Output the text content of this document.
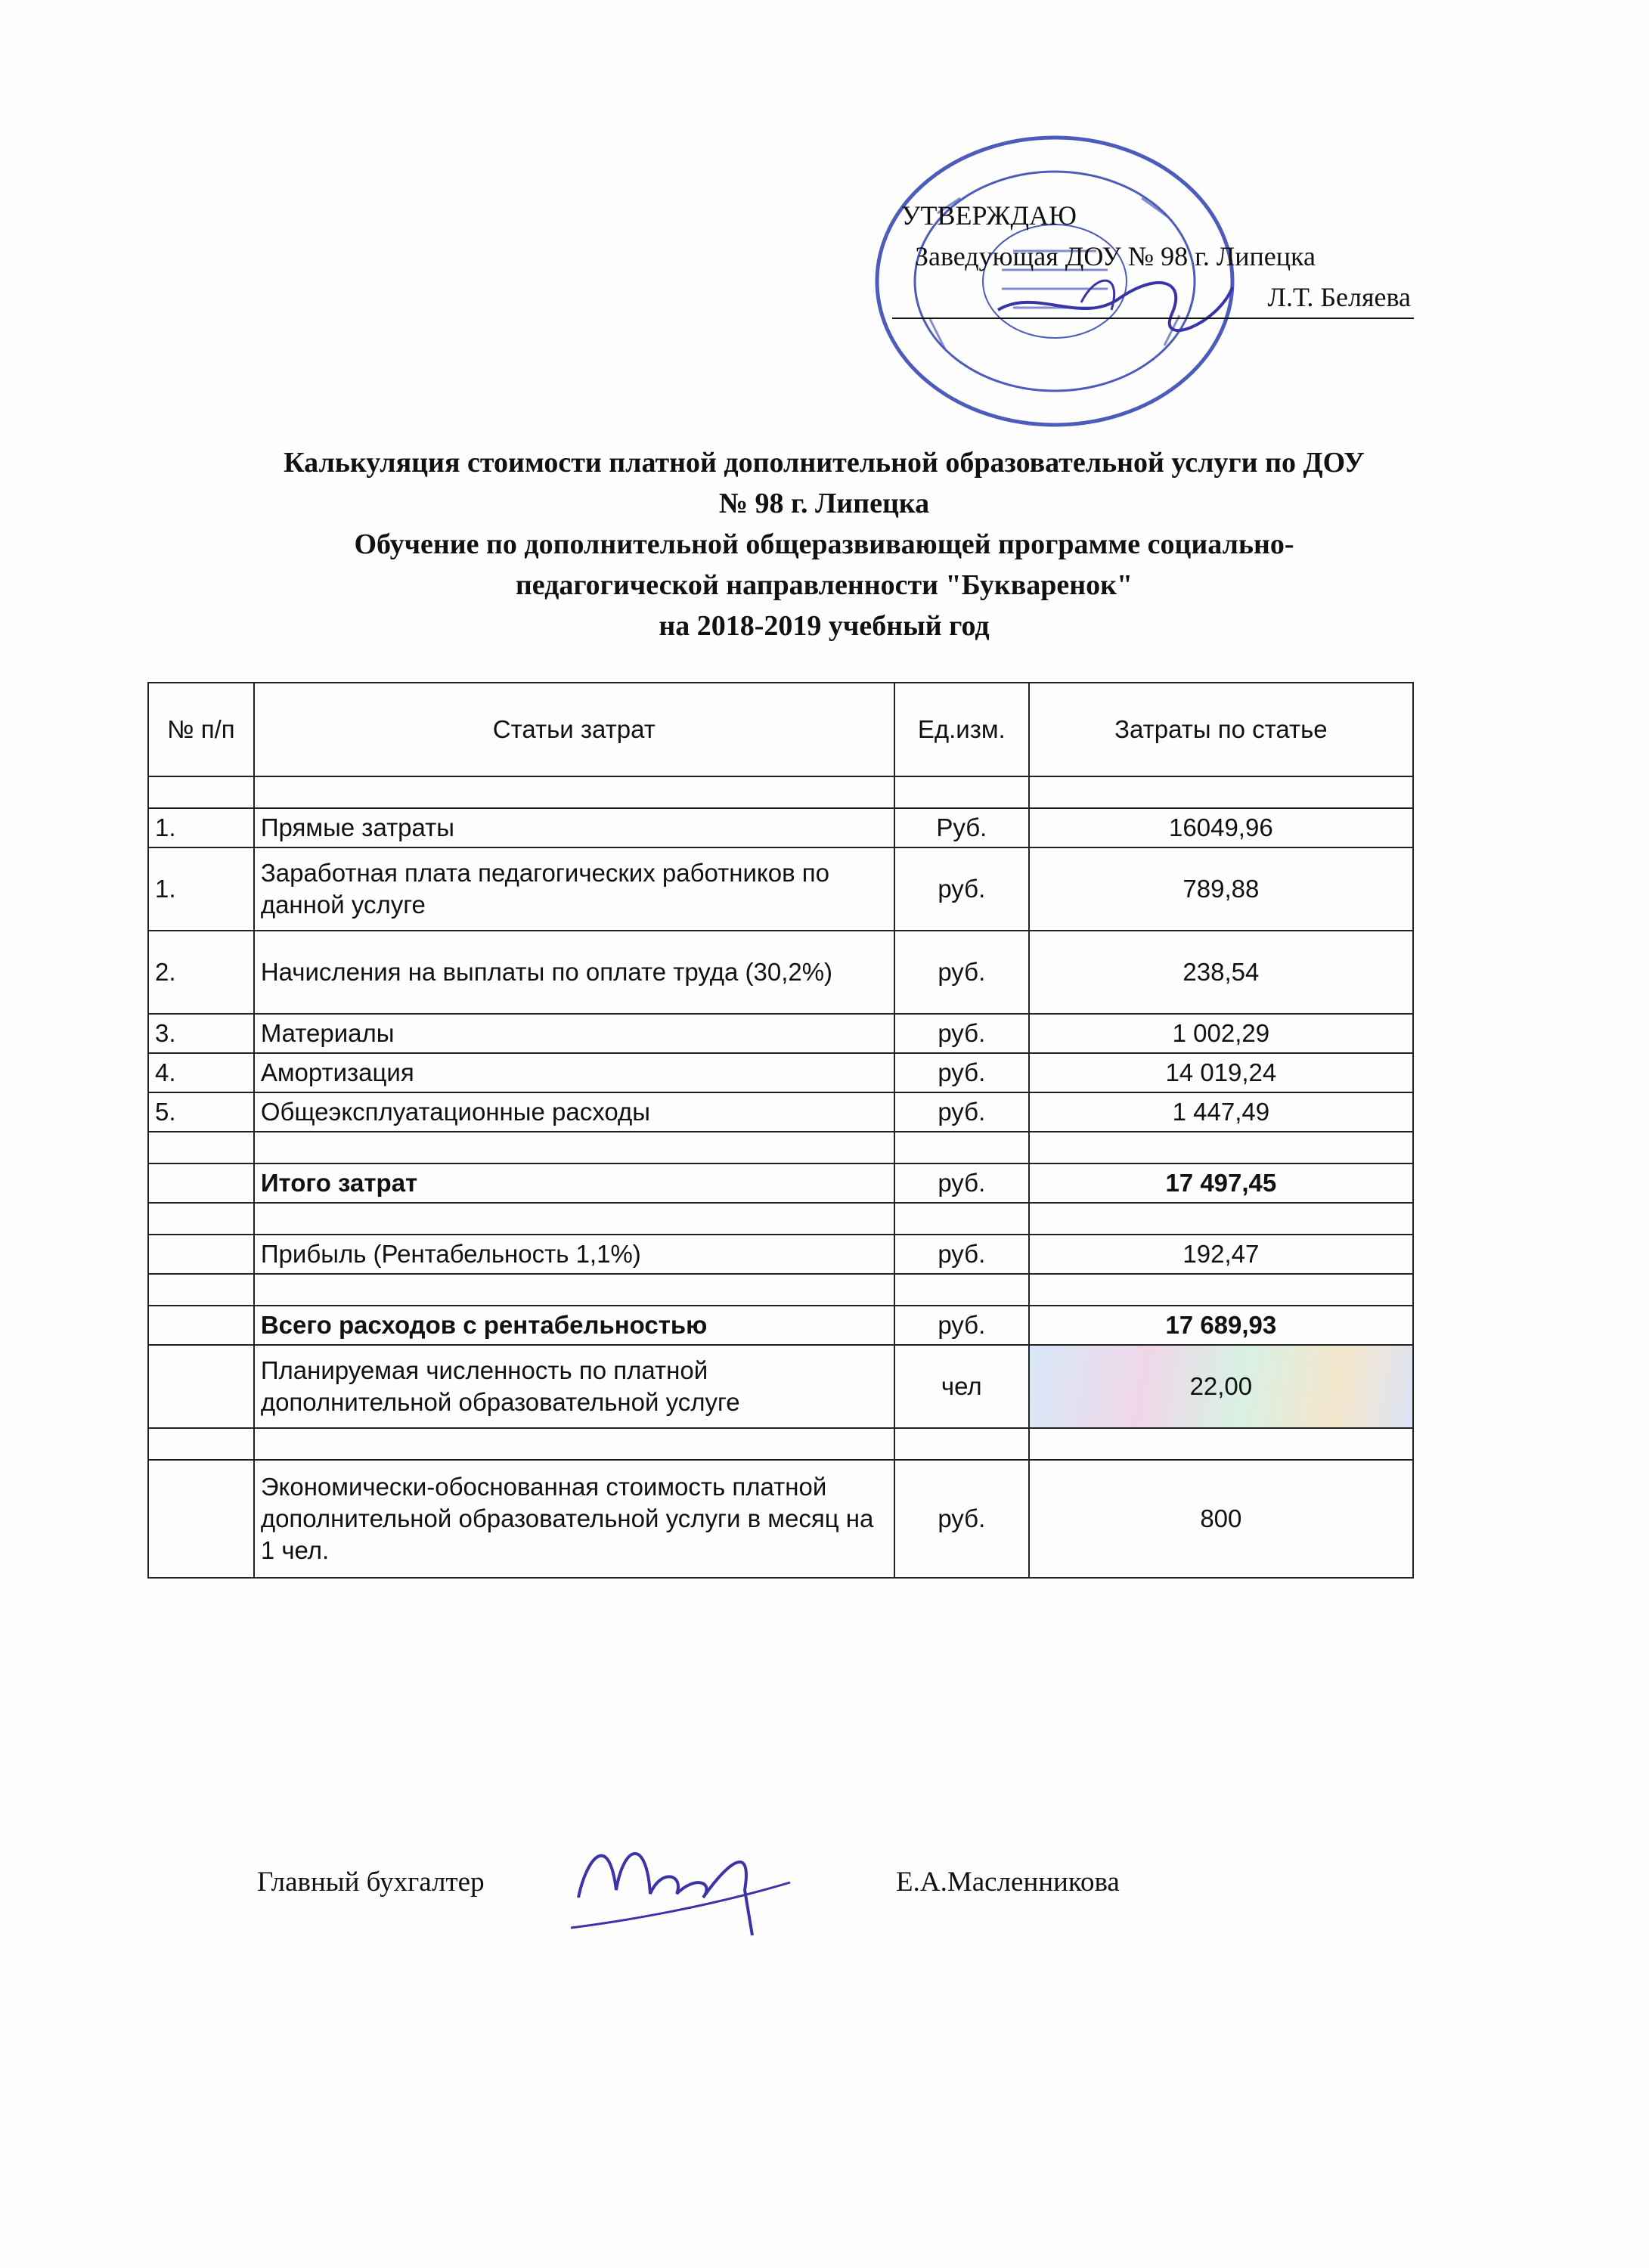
УТВЕРЖДАЮ
Заведующая ДОУ № 98 г. Липецка
Л.Т. Беляева
Калькуляция стоимости платной дополнительной образовательной услуги по ДОУ
№ 98 г. Липецка
Обучение по дополнительной общеразвивающей программе социально-
педагогической направленности "Букваренок"
на 2018-2019 учебный год
№ п/п	Статьи затрат	Ед.изм.	Затраты по статье

1.	Прямые затраты	Руб.	16049,96
1.	Заработная плата педагогических работников по данной услуге	руб.	789,88
2.	Начисления на выплаты по оплате труда (30,2%)	руб.	238,54
3.	Материалы	руб.	1 002,29
4.	Амортизация	руб.	14 019,24
5.	Общеэксплуатационные расходы	руб.	1 447,49

	Итого затрат	руб.	17 497,45

	Прибыль (Рентабельность 1,1%)	руб.	192,47

	Всего расходов с рентабельностью	руб.	17 689,93
	Планируемая численность по платной дополнительной образовательной услуге	чел	22,00

	Экономически-обоснованная стоимость платной дополнительной образовательной услуги в месяц на 1 чел.	руб.	800
Главный бухгалтер	Е.А.Масленникова
